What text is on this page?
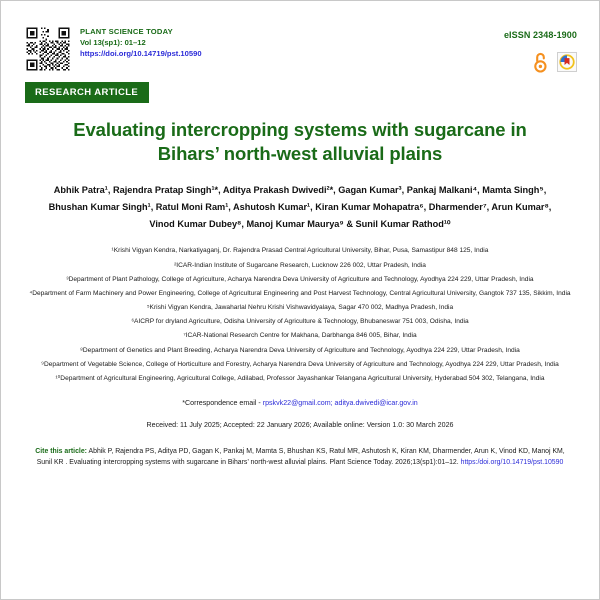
PLANT SCIENCE TODAY
Vol 13(sp1): 01–12
https://doi.org/10.14719/pst.10590
eISSN 2348-1900
RESEARCH ARTICLE
Evaluating intercropping systems with sugarcane in Bihars’ north-west alluvial plains
Abhik Patra¹, Rajendra Pratap Singh¹*, Aditya Prakash Dwivedi²*, Gagan Kumar³, Pankaj Malkani⁴, Mamta Singh⁵,
Bhushan Kumar Singh¹, Ratul Moni Ram¹, Ashutosh Kumar¹, Kiran Kumar Mohapatra⁶, Dharmender⁷, Arun Kumar⁸,
Vinod Kumar Dubey⁸, Manoj Kumar Maurya⁹ & Sunil Kumar Rathod¹⁰
¹Krishi Vigyan Kendra, Narkatiyaganj, Dr. Rajendra Prasad Central Agricultural University, Bihar, Pusa, Samastipur 848 125, India
²ICAR-Indian Institute of Sugarcane Research, Lucknow 226 002, Uttar Pradesh, India
³Department of Plant Pathology, College of Agriculture, Acharya Narendra Deva University of Agriculture and Technology, Ayodhya 224 229, Uttar Pradesh, India
⁴Department of Farm Machinery and Power Engineering, College of Agricultural Engineering and Post Harvest Technology, Central Agricultural University, Gangtok 737 135, Sikkim, India
⁵Krishi Vigyan Kendra, Jawaharlal Nehru Krishi Vishwavidyalaya, Sagar 470 002, Madhya Pradesh, India
⁶AICRP for dryland Agriculture, Odisha University of Agriculture & Technology, Bhubaneswar 751 003, Odisha, India
⁷ICAR-National Research Centre for Makhana, Darbhanga 846 005, Bihar, India
⁸Department of Genetics and Plant Breeding, Acharya Narendra Deva University of Agriculture and Technology, Ayodhya 224 229, Uttar Pradesh, India
⁹Department of Vegetable Science, College of Horticulture and Forestry, Acharya Narendra Deva University of Agriculture and Technology, Ayodhya 224 229, Uttar Pradesh, India
¹⁰Department of Agricultural Engineering, Agricultural College, Adilabad, Professor Jayashankar Telangana Agricultural University, Hyderabad 504 302, Telangana, India
*Correspondence email - rpskvk22@gmail.com; aditya.dwivedi@icar.gov.in
Received: 11 July 2025; Accepted: 22 January 2026; Available online: Version 1.0: 30 March 2026
Cite this article: Abhik P, Rajendra PS, Aditya PD, Gagan K, Pankaj M, Mamta S, Bhushan KS, Ratul MR, Ashutosh K, Kiran KM, Dharmender, Arun K, Vinod KD, Manoj KM, Sunil KR . Evaluating intercropping systems with sugarcane in Bihars’ north-west alluvial plains. Plant Science Today. 2026;13(sp1):01–12. https:/doi.org/10.14719/pst.10590
